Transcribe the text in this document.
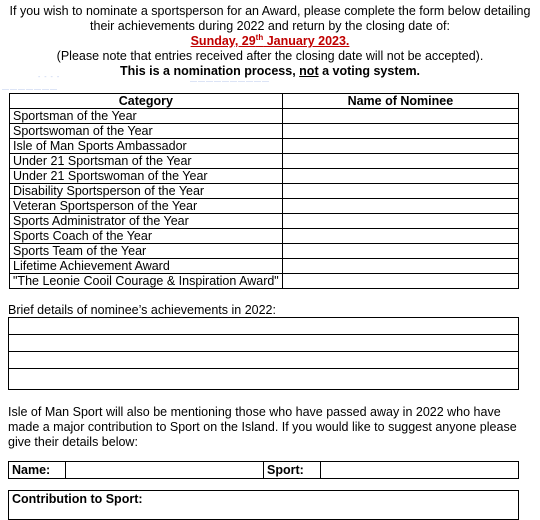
If you wish to nominate a sportsperson for an Award, please complete the form below detailing
their achievements during 2022 and return by the closing date of:
Sunday, 29th January 2023.
(Please note that entries received after the closing date will not be accepted).
This is a nomination process, not a voting system.
- - - -
———————
——————————
Category	Name of Nominee
Sportsman of the Year	
Sportswoman of the Year	
Isle of Man Sports Ambassador	
Under 21 Sportsman of the Year	
Under 21 Sportswoman of the Year	
Disability Sportsperson of the Year	
Veteran Sportsperson of the Year	
Sports Administrator of the Year	
Sports Coach of the Year	
Sports Team of the Year	
Lifetime Achievement Award	
"The Leonie Cooil Courage & Inspiration Award"	
Brief details of nominee’s achievements in 2022:
Isle of Man Sport will also be mentioning those who have passed away in 2022 who have made a major contribution to Sport on the Island. If you would like to suggest anyone please give their details below:
Name:	Sport:
Contribution to Sport:
